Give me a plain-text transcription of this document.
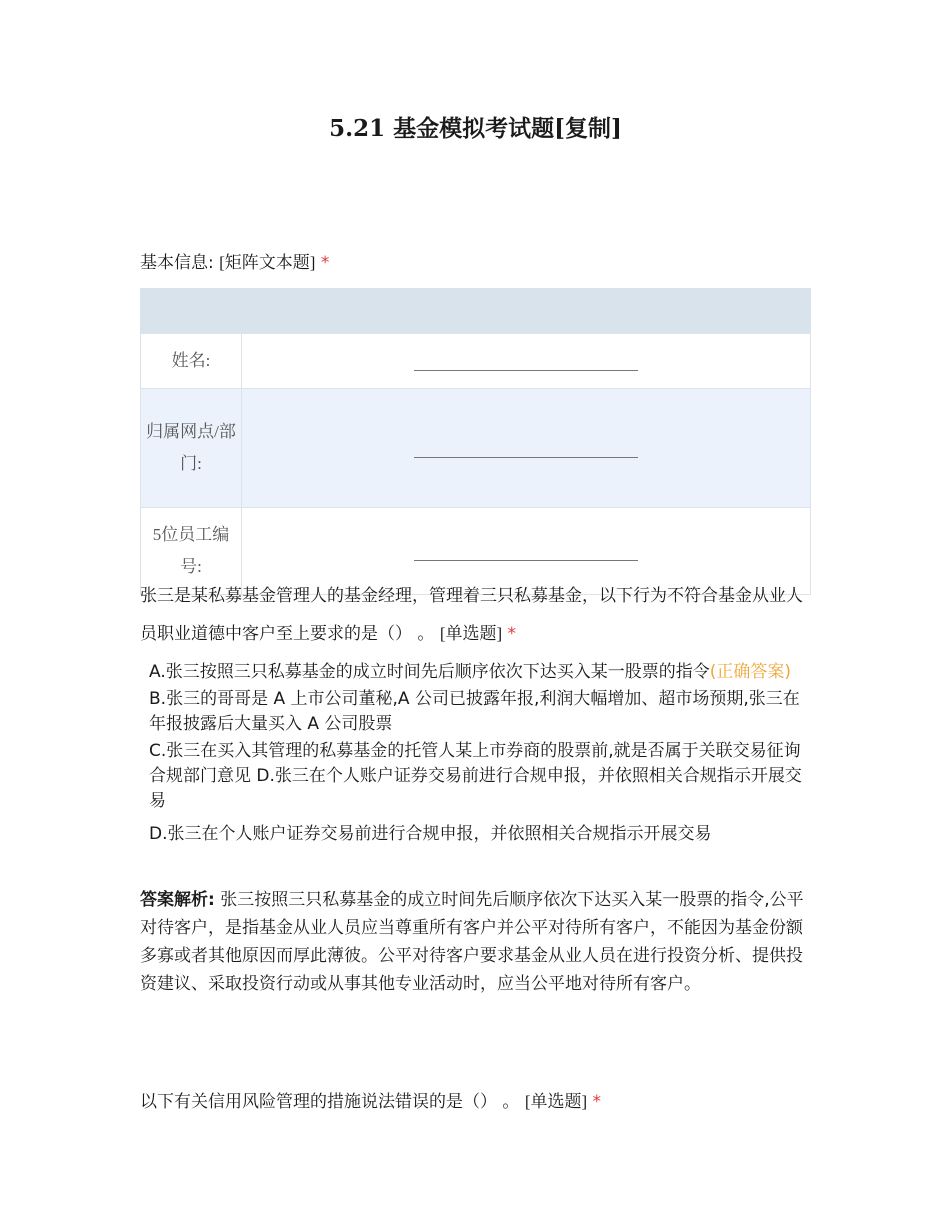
5.21 基金模拟考试题[复制]
基本信息: [矩阵文本题] *

姓名:	
归属网点/部门:	
5位员工编号:	

张三是某私募基金管理人的基金经理，管理着三只私募基金，以下行为不符合基金从业人员职业道德中客户至上要求的是（） 。 [单选题] *

A.张三按照三只私募基金的成立时间先后顺序依次下达买入某一股票的指令(正确答案)
B.张三的哥哥是 A 上市公司董秘,A 公司已披露年报,利润大幅增加、超市场预期,张三在年报披露后大量买入 A 公司股票
C.张三在买入其管理的私募基金的托管人某上市券商的股票前,就是否属于关联交易征询合规部门意见 D.张三在个人账户证券交易前进行合规申报，并依照相关合规指示开展交易
D.张三在个人账户证券交易前进行合规申报，并依照相关合规指示开展交易

答案解析: 张三按照三只私募基金的成立时间先后顺序依次下达买入某一股票的指令,公平对待客户，是指基金从业人员应当尊重所有客户并公平对待所有客户，不能因为基金份额多寡或者其他原因而厚此薄彼。公平对待客户要求基金从业人员在进行投资分析、提供投资建议、采取投资行动或从事其他专业活动时，应当公平地对待所有客户。

以下有关信用风险管理的措施说法错误的是（） 。 [单选题] *
